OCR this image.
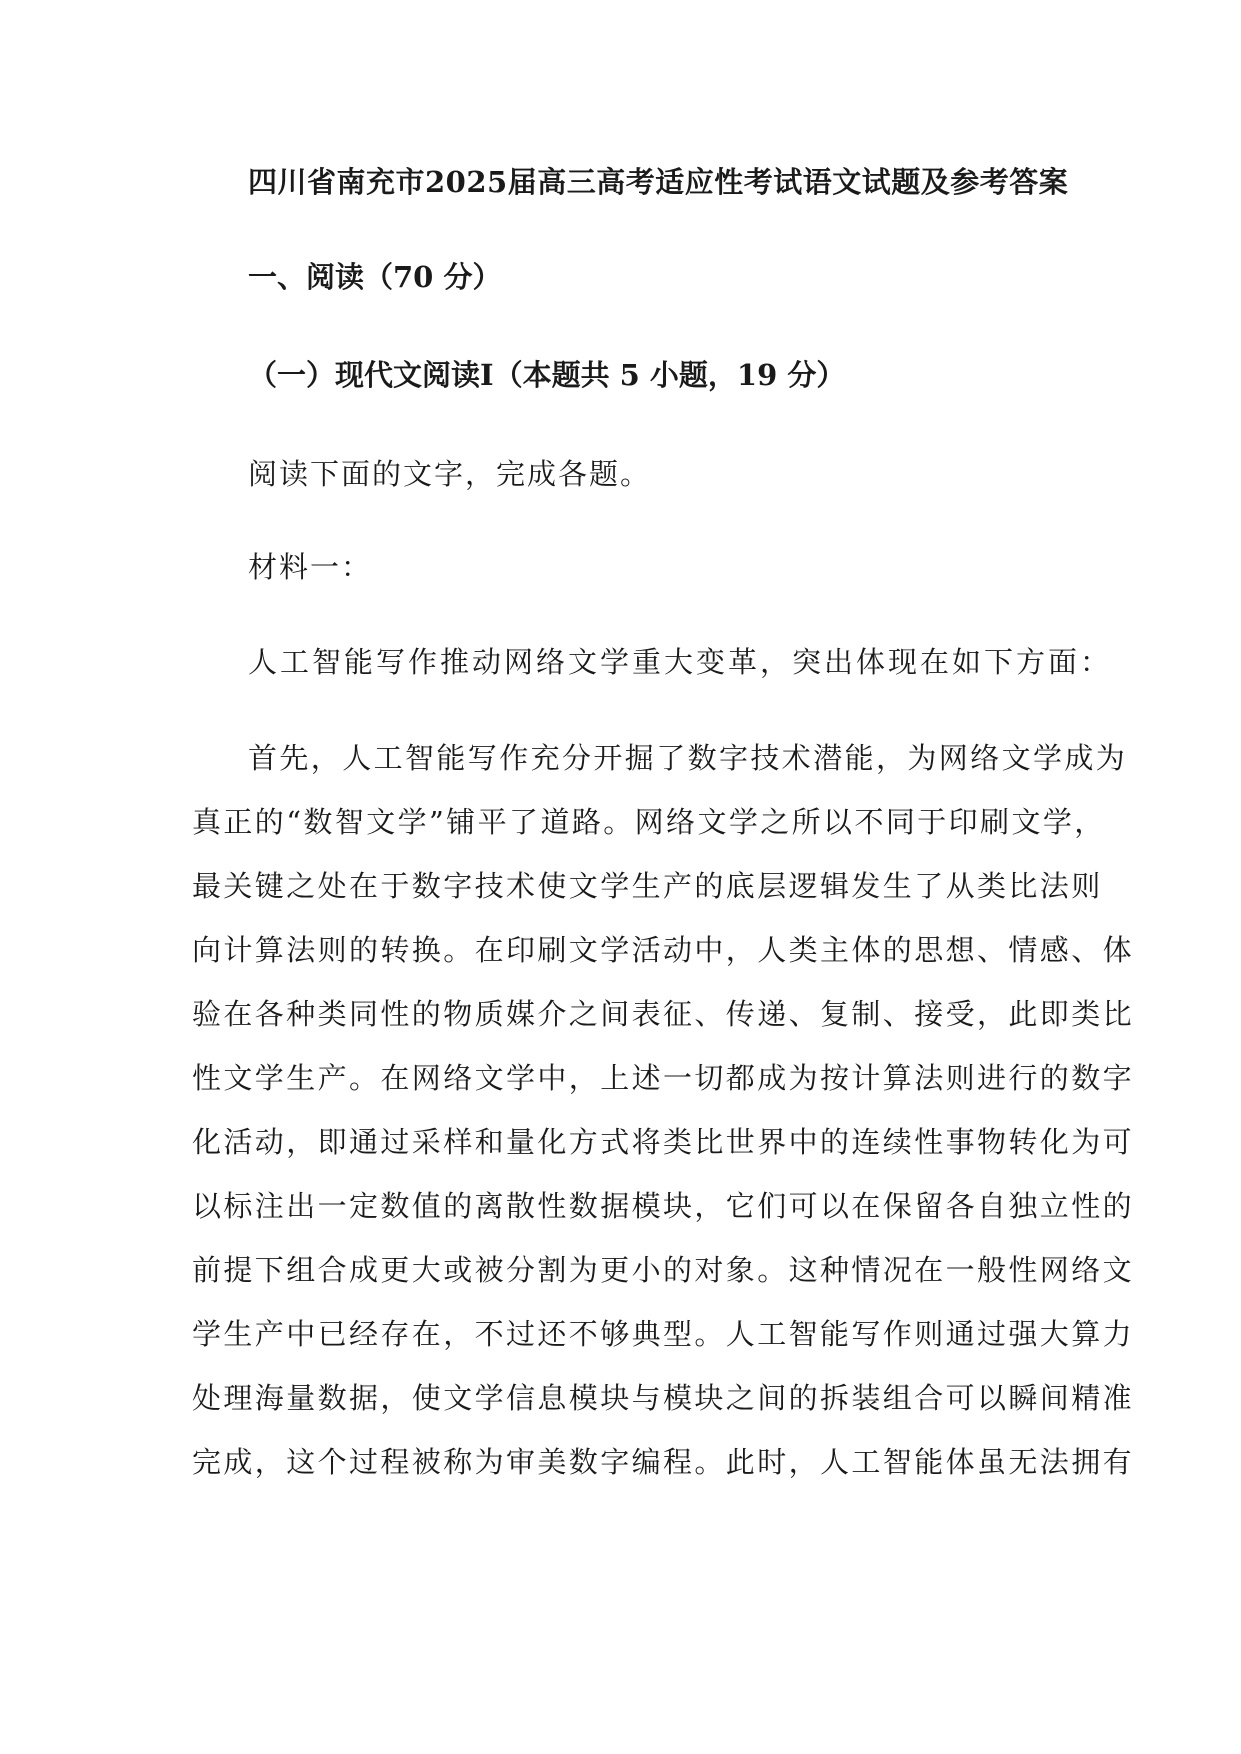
四川省南充市2025届高三高考适应性考试语文试题及参考答案
一、阅读（70 分）
（一）现代文阅读Ⅰ（本题共 5 小题，19 分）
阅读下面的文字，完成各题。
材料一：
人工智能写作推动网络文学重大变革，突出体现在如下方面：
首先，人工智能写作充分开掘了数字技术潜能，为网络文学成为
真正的“数智文学”铺平了道路。网络文学之所以不同于印刷文学，
最关键之处在于数字技术使文学生产的底层逻辑发生了从类比法则
向计算法则的转换。在印刷文学活动中，人类主体的思想、情感、体
验在各种类同性的物质媒介之间表征、传递、复制、接受，此即类比
性文学生产。在网络文学中，上述一切都成为按计算法则进行的数字
化活动，即通过采样和量化方式将类比世界中的连续性事物转化为可
以标注出一定数值的离散性数据模块，它们可以在保留各自独立性的
前提下组合成更大或被分割为更小的对象。这种情况在一般性网络文
学生产中已经存在，不过还不够典型。人工智能写作则通过强大算力
处理海量数据，使文学信息模块与模块之间的拆装组合可以瞬间精准
完成，这个过程被称为审美数字编程。此时，人工智能体虽无法拥有
